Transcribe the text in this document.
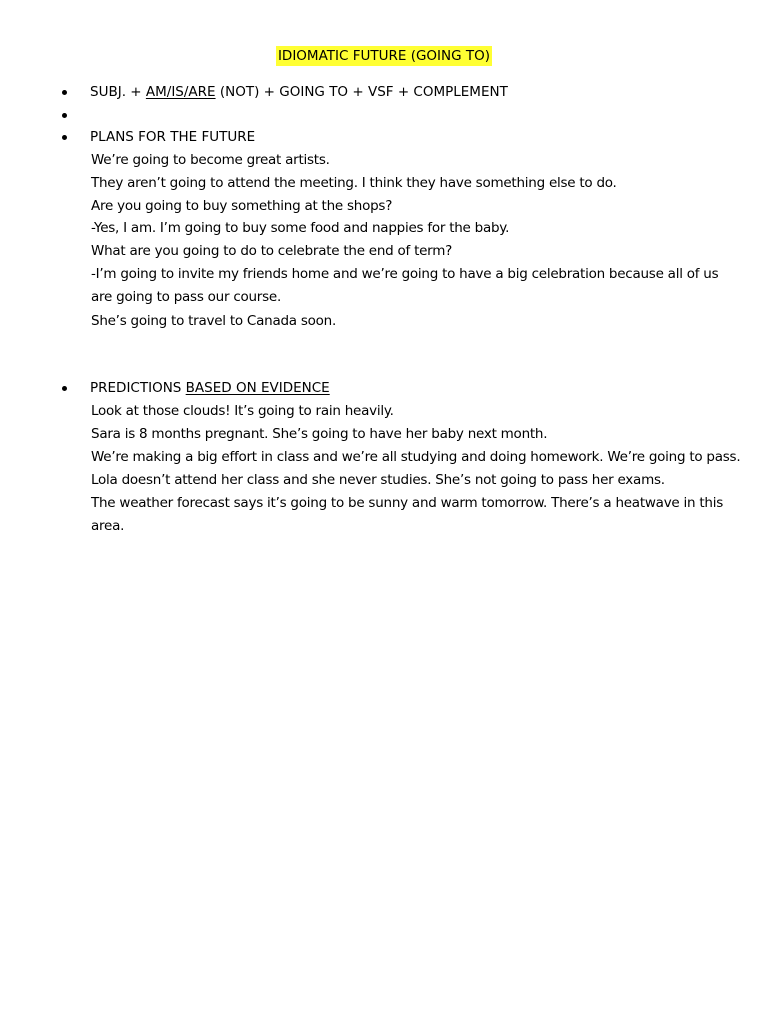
IDIOMATIC FUTURE (GOING TO)
SUBJ. + AM/IS/ARE (NOT) + GOING TO + VSF + COMPLEMENT
PLANS FOR THE FUTURE
We’re going to become great artists.
They aren’t going to attend the meeting. I think they have something else to do.
Are you going to buy something at the shops?
-Yes, I am. I’m going to buy some food and nappies for the baby.
What are you going to do to celebrate the end of term?
-I’m going to invite my friends home and we’re going to have a big celebration because all of us
are going to pass our course.
She’s going to travel to Canada soon.
PREDICTIONS BASED ON EVIDENCE
Look at those clouds! It’s going to rain heavily.
Sara is 8 months pregnant. She’s going to have her baby next month.
We’re making a big effort in class and we’re all studying and doing homework. We’re going to pass.
Lola doesn’t attend her class and she never studies. She’s not going to pass her exams.
The weather forecast says it’s going to be sunny and warm tomorrow. There’s a heatwave in this
area.
